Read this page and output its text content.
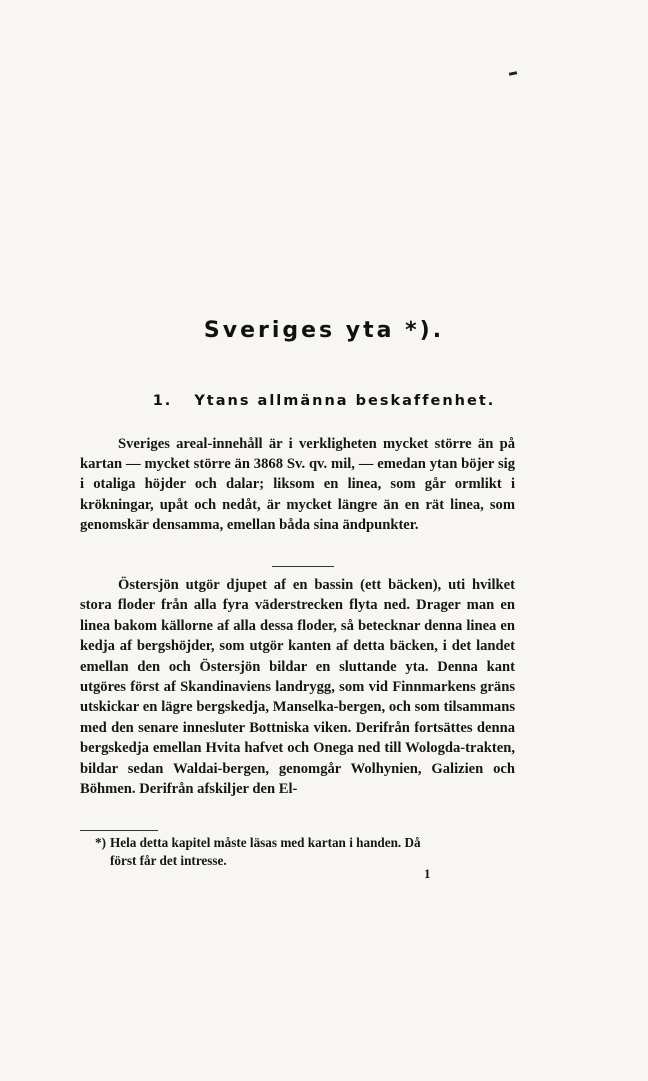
Sveriges yta *).
1. Ytans allmänna beskaffenhet.

Sveriges areal-innehåll är i verkligheten mycket större än på kartan — mycket större än 3868 Sv. qv. mil, — emedan ytan böjer sig i otaliga höjder och dalar; liksom en linea, som går ormlikt i krökningar, upåt och nedåt, är mycket längre än en rät linea, som genomskär densamma, emellan båda sina ändpunkter.

Östersjön utgör djupet af en bassin (ett bäcken), uti hvilket stora floder från alla fyra väderstrecken flyta ned. Drager man en linea bakom källorne af alla dessa floder, så betecknar denna linea en kedja af bergshöjder, som utgör kanten af detta bäcken, i det landet emellan den och Östersjön bildar en sluttande yta. Denna kant utgöres först af Skandinaviens landrygg, som vid Finnmarkens gräns utskickar en lägre bergskedja, Manselka-bergen, och som tilsammans med den senare innesluter Bottniska viken. Derifrån fortsättes denna bergskedja emellan Hvita hafvet och Onega ned till Wologda-trakten, bildar sedan Waldai-bergen, genomgår Wolhynien, Galizien och Böhmen. Derifrån afskiljer den El-

*) Hela detta kapitel måste läsas med kartan i handen. Då
först får det intresse.
1
